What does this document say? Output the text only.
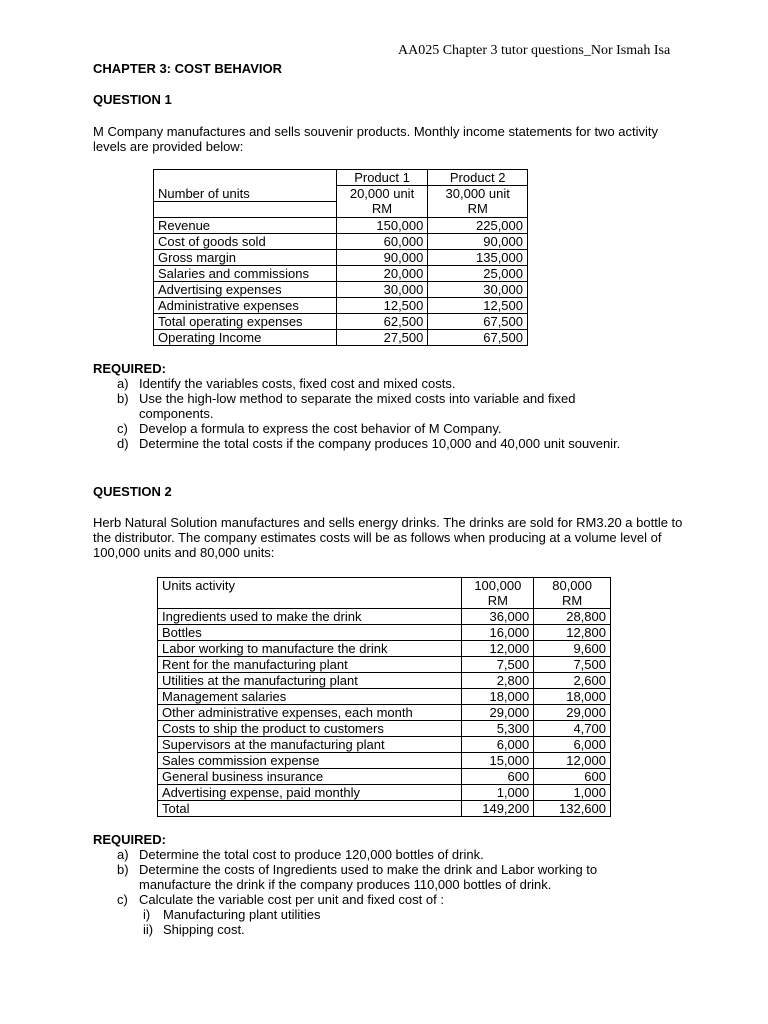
AA025 Chapter 3 tutor questions_Nor Ismah Isa
CHAPTER 3: COST BEHAVIOR
QUESTION 1
M Company manufactures and sells souvenir products. Monthly income statements for two activity levels are provided below:
	Product 1	Product 2
Number of units	20,000 unit	30,000 unit
	RM	RM
Revenue	150,000	225,000
Cost of goods sold	60,000	90,000
Gross margin	90,000	135,000
Salaries and commissions	20,000	25,000
Advertising expenses	30,000	30,000
Administrative expenses	12,500	12,500
Total operating expenses	62,500	67,500
Operating Income	27,500	67,500
REQUIRED:
a) Identify the variables costs, fixed cost and mixed costs.
b) Use the high-low method to separate the mixed costs into variable and fixed components.
c) Develop a formula to express the cost behavior of M Company.
d) Determine the total costs if the company produces 10,000 and 40,000 unit souvenir.
QUESTION 2
Herb Natural Solution manufactures and sells energy drinks. The drinks are sold for RM3.20 a bottle to the distributor. The company estimates costs will be as follows when producing at a volume level of 100,000 units and 80,000 units:
Units activity	100,000	80,000
	RM	RM
Ingredients used to make the drink	36,000	28,800
Bottles	16,000	12,800
Labor working to manufacture the drink	12,000	9,600
Rent for the manufacturing plant	7,500	7,500
Utilities at the manufacturing plant	2,800	2,600
Management salaries	18,000	18,000
Other administrative expenses, each month	29,000	29,000
Costs to ship the product to customers	5,300	4,700
Supervisors at the manufacturing plant	6,000	6,000
Sales commission expense	15,000	12,000
General business insurance	600	600
Advertising expense, paid monthly	1,000	1,000
Total	149,200	132,600
REQUIRED:
a) Determine the total cost to produce 120,000 bottles of drink.
b) Determine the costs of Ingredients used to make the drink and Labor working to manufacture the drink if the company produces 110,000 bottles of drink.
c) Calculate the variable cost per unit and fixed cost of :
i) Manufacturing plant utilities
ii) Shipping cost.
